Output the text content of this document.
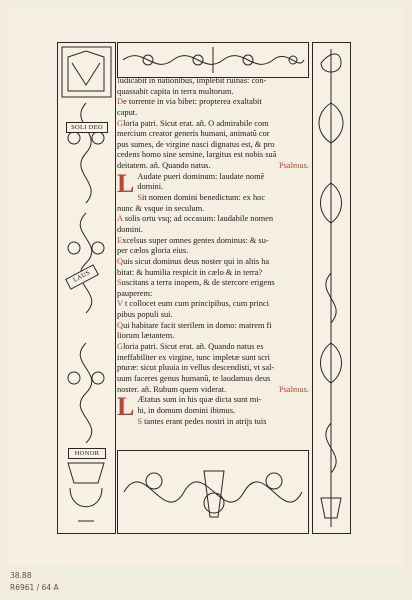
SOLI DEO
LAUS
HONOR
Iudicabit in nationibus, implebit ruinas: con-
quassabit capita in terra multorum.
De torrente in via bibet: propterea exaltabit
caput.
Gloria patri. Sicut erat. añ. O admirabile com
mercium creator generis humani, animatũ cor
pus sumes, de virgine nasci dignatus est, & pro
cedens homo sine semine, largitus est nobis suã
deitatem. añ. Quando natus.	Psalmus.
L Audate pueri dominum: laudate nomẽ
domini.
Sit nomen domini benedictum: ex hoc
nunc & vsque in seculum.
A solis ortu vsq; ad occasum: laudabile nomen
domini.
Excelsus super omnes gentes dominus: & su-
per cælos gloria eius.
Quis sicut dominus deus noster qui in altis ha
bitat: & humilia respicit in cælo & in terra?
Suscitans a terra inopem, & de stercore erigens
pauperem:
V t collocet eum cum principibus, cum princi
pibus populi sui.
Qui habitare facit sterilem in domo: matrem fi
liorum lætantem.
Gloria patri. Sicut erat. añ. Quando natus es
ineffabiliter ex virgine, tunc impletæ sunt scri
pturæ: sicut pluuia in vellus descendisti, vt sal-
uum faceres genus humanũ, te laudamus deus
noster. añ. Rubum quem viderat.	Psalmus.
L Ætatus sum in his quæ dicta sunt mi-
hi, in domum domini ibimus.
S tantes erant pedes nostri in atrijs tuis
38.88
R6961 / 64 A
